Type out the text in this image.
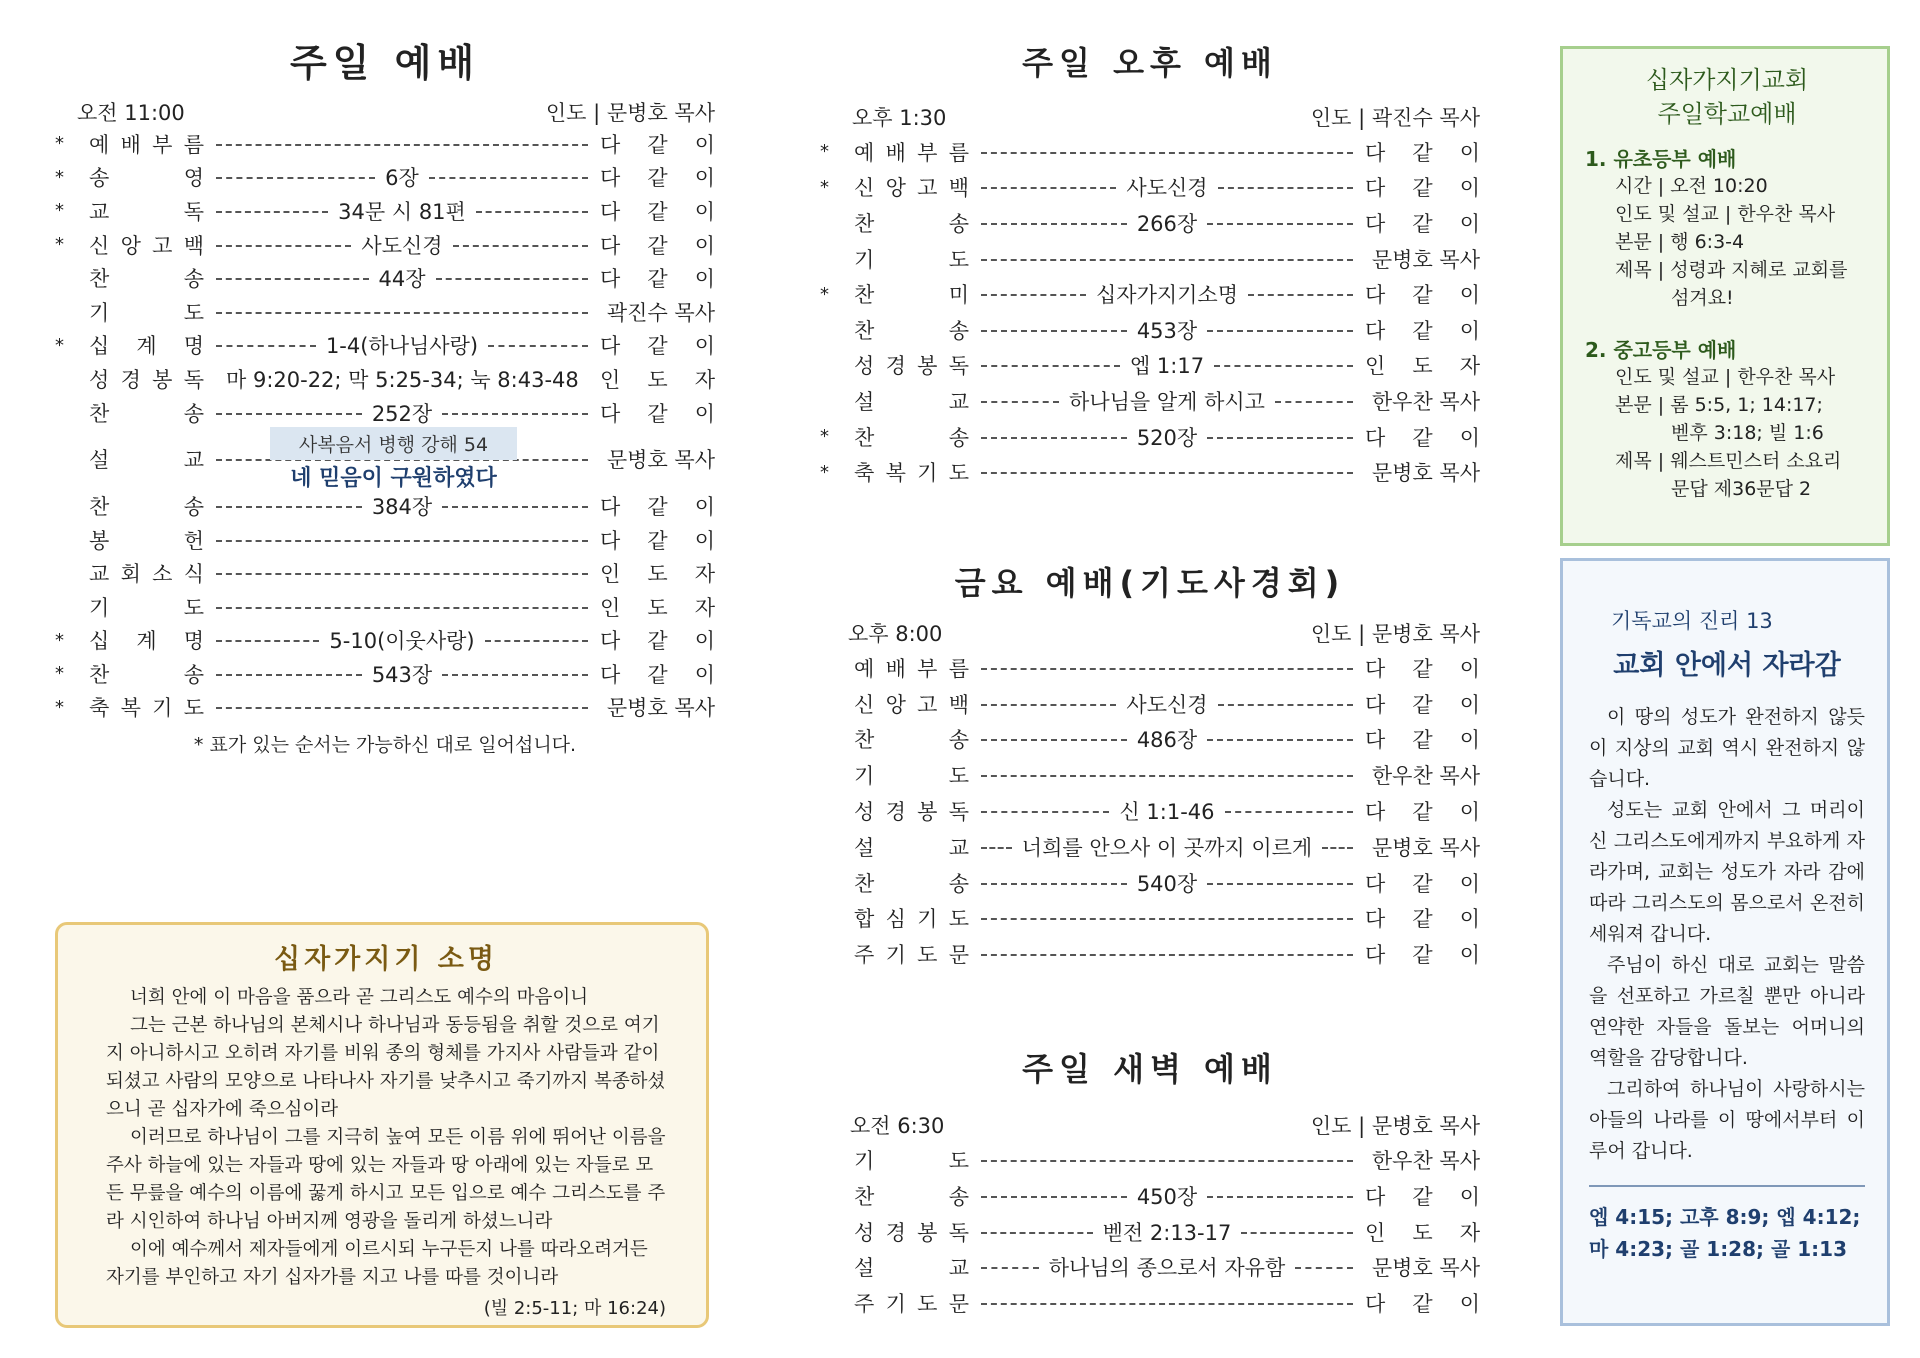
주일 예배
오전 11:00	인도 | 문병호 목사
*	예 배 부 름	다 같 이
*	송	영	6장	다 같 이
*	교	독	34문 시 81편	다 같 이
*	신 앙 고 백	사도신경	다 같 이
찬	송	44장	다 같 이
기	도	곽진수 목사
*	십 계 명	1-4(하나님사랑)	다 같 이
성 경 봉 독	마 9:20-22; 막 5:25-34; 눅 8:43-48	인 도 자
찬	송	252장	다 같 이
설	교	문병호 목사
사복음서 병행 강해 54
네 믿음이 구원하였다
찬	송	384장	다 같 이
봉	헌	다 같 이
교 회 소 식	인 도 자
기	도	인 도 자
*	십 계 명	5-10(이웃사랑)	다 같 이
*	찬	송	543장	다 같 이
*	축 복 기 도	문병호 목사
* 표가 있는 순서는 가능하신 대로 일어섭니다.
십자가지기 소명

너희 안에 이 마음을 품으라 곧 그리스도 예수의 마음이니

그는 근본 하나님의 본체시나 하나님과 동등됨을 취할 것으로 여기지 아니하시고 오히려 자기를 비워 종의 형체를 가지사 사람들과 같이 되셨고 사람의 모양으로 나타나사 자기를 낮추시고 죽기까지 복종하셨으니 곧 십자가에 죽으심이라

이러므로 하나님이 그를 지극히 높여 모든 이름 위에 뛰어난 이름을 주사 하늘에 있는 자들과 땅에 있는 자들과 땅 아래에 있는 자들로 모든 무릎을 예수의 이름에 꿇게 하시고 모든 입으로 예수 그리스도를 주라 시인하여 하나님 아버지께 영광을 돌리게 하셨느니라

이에 예수께서 제자들에게 이르시되 누구든지 나를 따라오려거든 자기를 부인하고 자기 십자가를 지고 나를 따를 것이니라

(빌 2:5-11; 마 16:24)
주일 오후 예배
오후 1:30	인도 | 곽진수 목사
*	예 배 부 름	다 같 이
*	신 앙 고 백	사도신경	다 같 이
찬	송	266장	다 같 이
기	도	문병호 목사
*	찬	미	십자가지기소명	다 같 이
찬	송	453장	다 같 이
성 경 봉 독	엡 1:17	인 도 자
설	교	하나님을 알게 하시고	한우찬 목사
*	찬	송	520장	다 같 이
*	축 복 기 도	문병호 목사
금요 예배(기도사경회)
오후 8:00	인도 | 문병호 목사
예 배 부 름	다 같 이
신 앙 고 백	사도신경	다 같 이
찬	송	486장	다 같 이
기	도	한우찬 목사
성 경 봉 독	신 1:1-46	다 같 이
설	교	너희를 안으사 이 곳까지 이르게	문병호 목사
찬	송	540장	다 같 이
합 심 기 도	다 같 이
주 기 도 문	다 같 이
주일 새벽 예배
오전 6:30	인도 | 문병호 목사
기	도	한우찬 목사
찬	송	450장	다 같 이
성 경 봉 독	벧전 2:13-17	인 도 자
설	교	하나님의 종으로서 자유함	문병호 목사
주 기 도 문	다 같 이
십자가지기교회
주일학교예배
1. 유초등부 예배
시간 | 오전 10:20
인도 및 설교 | 한우찬 목사
본문 | 행 6:3-4
제목 | 성령과 지혜로 교회를
섬겨요!
2. 중고등부 예배
인도 및 설교 | 한우찬 목사
본문 | 롬 5:5, 1; 14:17;
벧후 3:18; 빌 1:6
제목 | 웨스트민스터 소요리
문답 제36문답 2
기독교의 진리 13
교회 안에서 자라감

이 땅의 성도가 완전하지 않듯이 지상의 교회 역시 완전하지 않습니다.

성도는 교회 안에서 그 머리이신 그리스도에게까지 부요하게 자라가며, 교회는 성도가 자라 감에 따라 그리스도의 몸으로서 온전히 세워져 갑니다.

주님이 하신 대로 교회는 말씀을 선포하고 가르칠 뿐만 아니라 연약한 자들을 돌보는 어머니의 역할을 감당합니다.

그리하여 하나님이 사랑하시는 아들의 나라를 이 땅에서부터 이루어 갑니다.

엡 4:15; 고후 8:9; 엡 4:12;
마 4:23; 골 1:28; 골 1:13
